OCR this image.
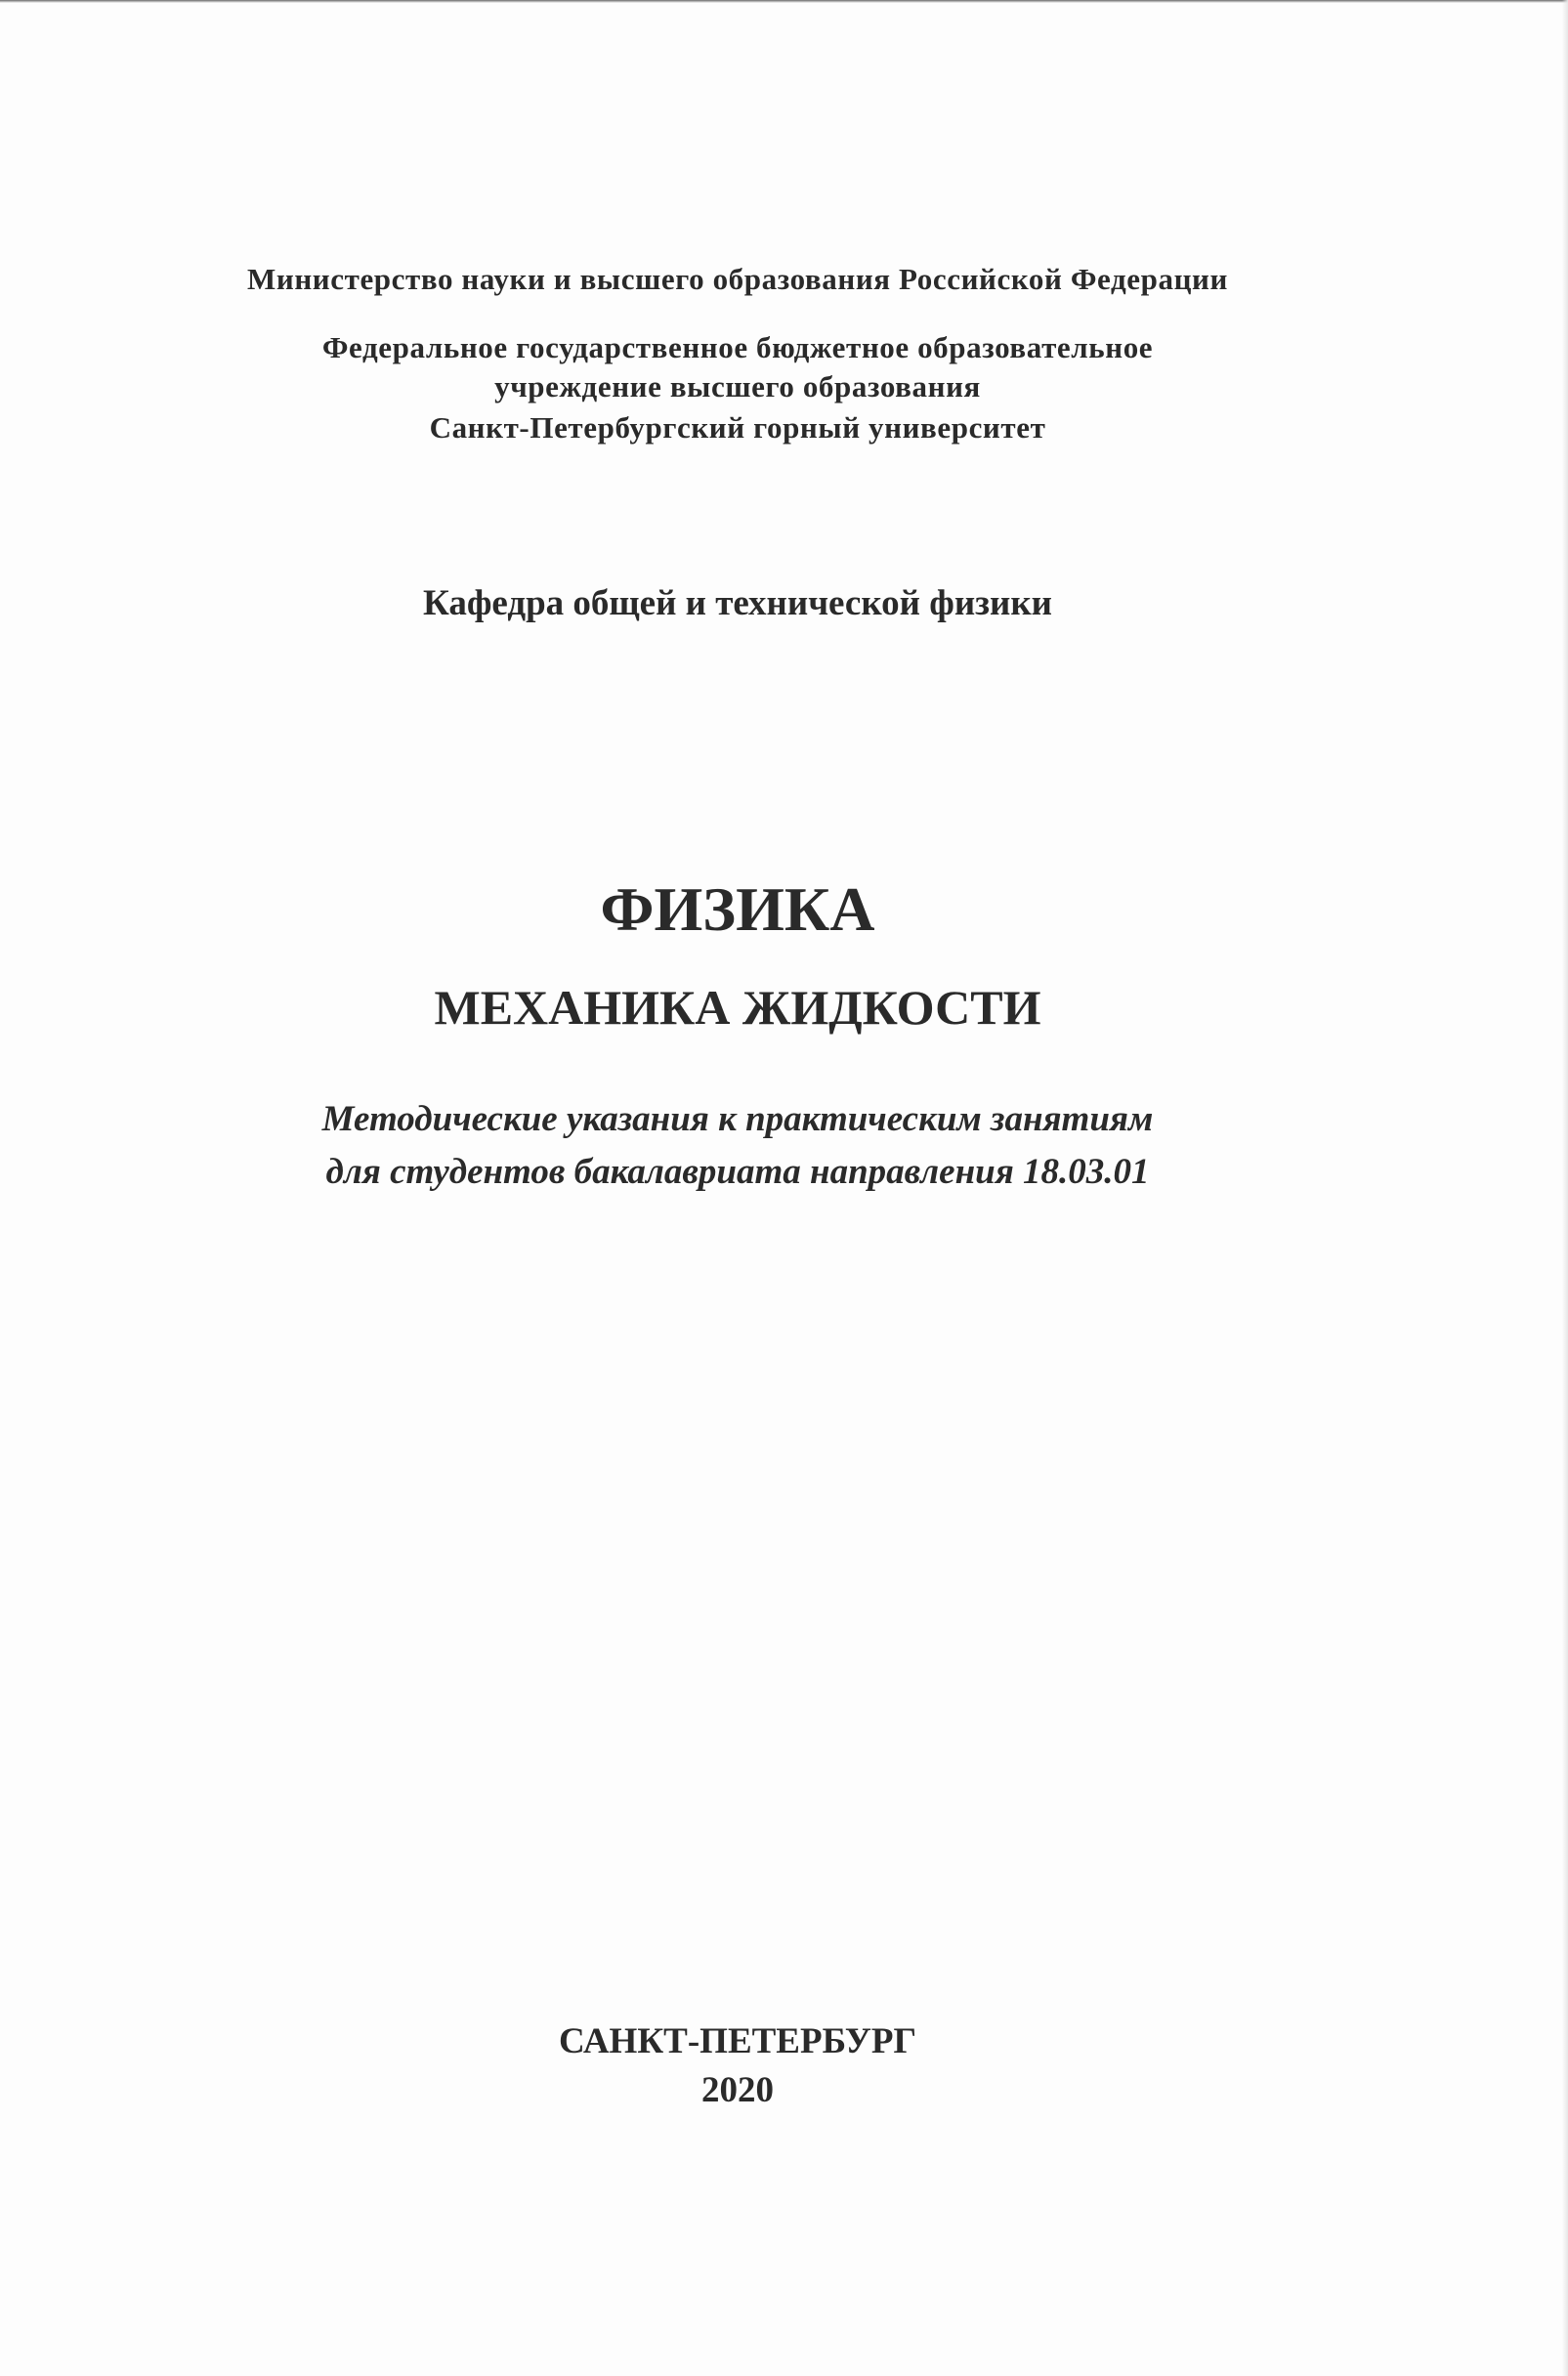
Министерство науки и высшего образования Российской Федерации
Федеральное государственное бюджетное образовательное
учреждение высшего образования
Санкт-Петербургский горный университет
Кафедра общей и технической физики
ФИЗИКА
МЕХАНИКА ЖИДКОСТИ
Методические указания к практическим занятиям
для студентов бакалавриата направления 18.03.01
САНКТ-ПЕТЕРБУРГ
2020
